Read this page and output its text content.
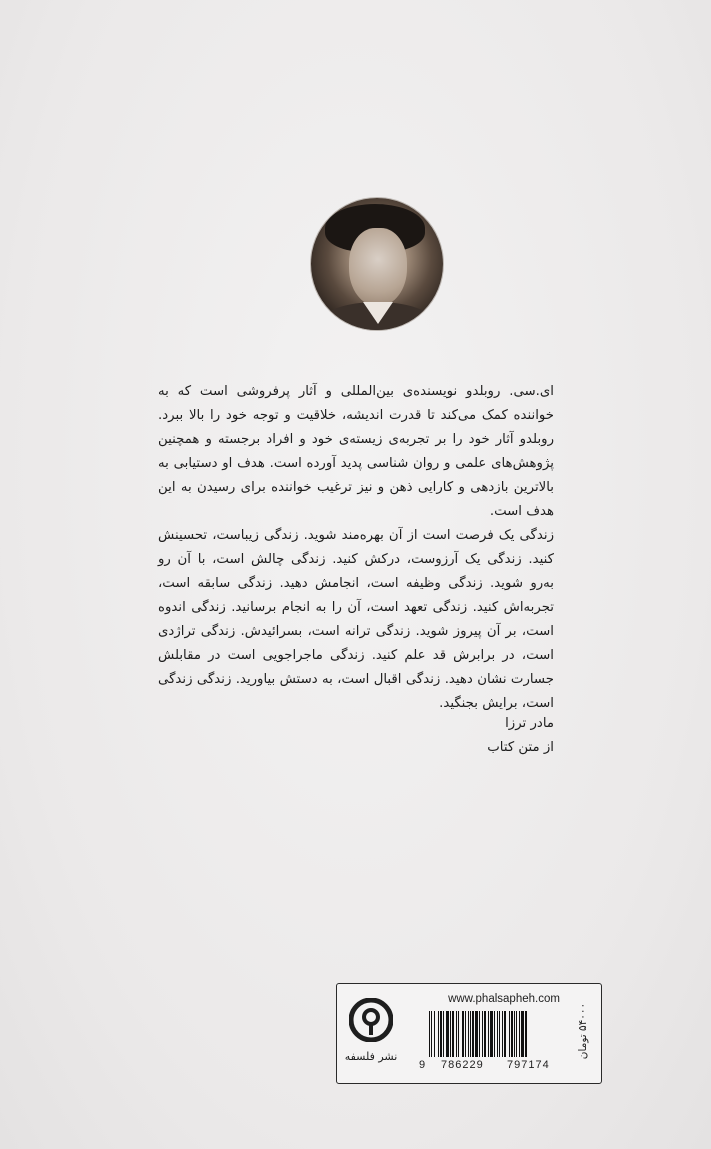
ای.سی. روبلدو نویسنده‌ی بین‌المللی و آثار پرفروشی است که به خواننده کمک می‌کند تا قدرت اندیشه، خلاقیت و توجه خود را بالا ببرد. روبلدو آثار خود را بر تجربه‌ی زیسته‌ی خود و افراد برجسته و همچنین پژوهش‌های علمی و روان شناسی پدید آورده است. هدف او دستیابی به بالاترین بازدهی و کارایی ذهن و نیز ترغیب خواننده برای رسیدن به این هدف است.

زندگی یک فرصت است از آن بهره‌مند شوید. زندگی زیباست، تحسینش کنید. زندگی یک آرزوست، درکش کنید. زندگی چالش است، با آن رو به‌رو شوید. زندگی وظیفه است، انجامش دهید. زندگی سابقه است، تجربه‌اش کنید. زندگی تعهد است، آن را به انجام برسانید. زندگی اندوه است، بر آن پیروز شوید. زندگی ترانه است، بسرائیدش. زندگی تراژدی است، در برابرش قد علم کنید. زندگی ماجراجویی است در مقابلش جسارت نشان دهید. زندگی اقبال است، به دستش بیاورید. زندگی زندگی است، برایش بجنگید.

مادر ترزا
از متن کتاب
نشر فلسفه
www.phalsapheh.com
9 786229 797174
۵۴۰۰۰ تومان
